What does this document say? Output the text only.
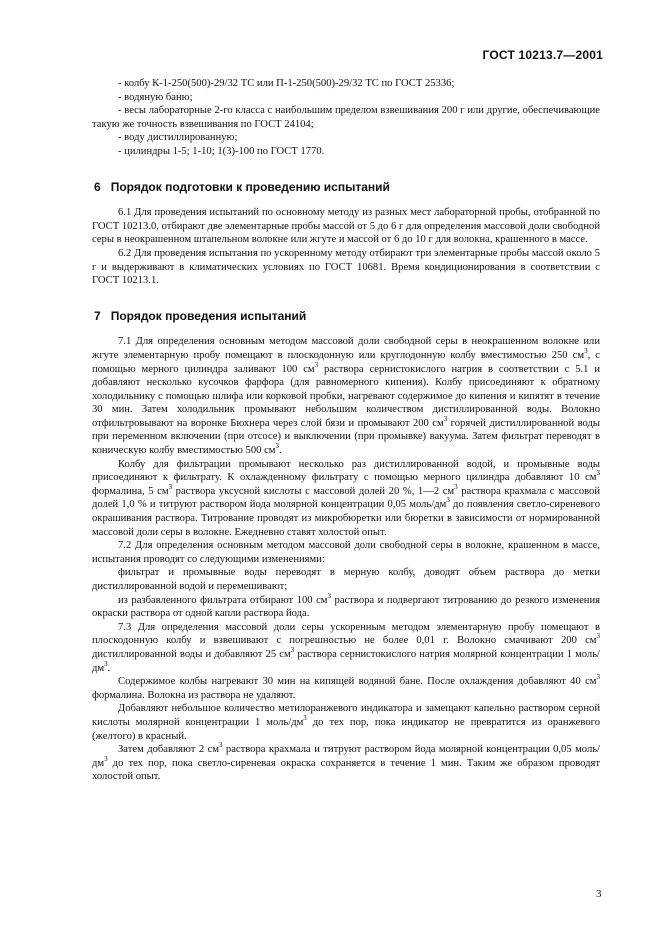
ГОСТ 10213.7—2001

- колбу К-1-250(500)-29/32 ТС или П-1-250(500)-29/32 ТС по ГОСТ 25336;

- водяную баню;

- весы лабораторные 2-го класса с наибольшим пределом взвешивания 200 г или другие, обеспечивающие такую же точность взвешивания по ГОСТ 24104;

- воду дистиллированную;

- цилиндры 1-5; 1-10; 1(3)-100 по ГОСТ 1770.

6 Порядок подготовки к проведению испытаний

6.1 Для проведения испытаний по основному методу из разных мест лабораторной пробы, отобранной по ГОСТ 10213.0, отбирают две элементарные пробы массой от 5 до 6 г для определения массовой доли свободной серы в неокрашенном штапельном волокне или жгуте и массой от 6 до 10 г для волокна, крашенного в массе.

6.2 Для проведения испытания по ускоренному методу отбирают три элементарные пробы массой около 5 г и выдерживают в климатических условиях по ГОСТ 10681. Время кондиционирования в соответствии с ГОСТ 10213.1.

7 Порядок проведения испытаний

7.1 Для определения основным методом массовой доли свободной серы в неокрашенном волокне или жгуте элементарную пробу помещают в плоскодонную или круглодонную колбу вместимостью 250 $см^3$, с помощью мерного цилиндра заливают 100 $см^3$ раствора сернистокислого натрия в соответствии с 5.1 и добавляют несколько кусочков фарфора (для равномерного кипения). Колбу присоединяют к обратному холодильнику с помощью шлифа или корковой пробки, нагревают содержимое до кипения и кипятят в течение 30 мин. Затем холодильник промывают небольшим количеством дистиллированной воды. Волокно отфильтровывают на воронке Бюхнера через слой бязи и промывают 200 $см^3$ горячей дистиллированной воды при переменном включении (при отсосе) и выключении (при промывке) вакуума. Затем фильтрат переводят в коническую колбу вместимостью 500 $см^3$.

Колбу для фильтрации промывают несколько раз дистиллированной водой, и промывные воды присоединяют к фильтрату. К охлажденному фильтрату с помощью мерного цилиндра добавляют 10 $см^3$ формалина, 5 $см^3$ раствора уксусной кислоты с массовой долей 20 %, 1—2 $см^3$ раствора крахмала с массовой долей 1,0 % и титруют раствором йода молярной концентрации 0,05 моль/$дм^3$ до появления светло-сиреневого окрашивания раствора. Титрование проводят из микробюретки или бюретки в зависимости от нормированной массовой доли серы в волокне. Ежедневно ставят холостой опыт.

7.2 Для определения основным методом массовой доли свободной серы в волокне, крашенном в массе, испытания проводят со следующими изменениями:

фильтрат и промывные воды переводят в мерную колбу, доводят объем раствора до метки дистиллированной водой и перемешивают;

из разбавленного фильтрата отбирают 100 $см^3$ раствора и подвергают титрованию до резкого изменения окраски раствора от одной капли раствора йода.

7.3 Для определения массовой доли серы ускоренным методом элементарную пробу помещают в плоскодонную колбу и взвешивают с погрешностью не более 0,01 г. Волокно смачивают 200 $см^3$ дистиллированной воды и добавляют 25 $см^3$ раствора сернистокислого натрия молярной концентрации 1 моль/$дм^3$.

Содержимое колбы нагревают 30 мин на кипящей водяной бане. После охлаждения добавляют 40 $см^3$ формалина. Волокна из раствора не удаляют.

Добавляют небольшое количество метилоранжевого индикатора и замещают капельно раствором серной кислоты молярной концентрации 1 моль/$дм^3$ до тех пор, пока индикатор не превратится из оранжевого (желтого) в красный.

Затем добавляют 2 $см^3$ раствора крахмала и титруют раствором йода молярной концентрации 0,05 моль/$дм^3$ до тех пор, пока светло-сиреневая окраска сохраняется в течение 1 мин. Таким же образом проводят холостой опыт.

3
